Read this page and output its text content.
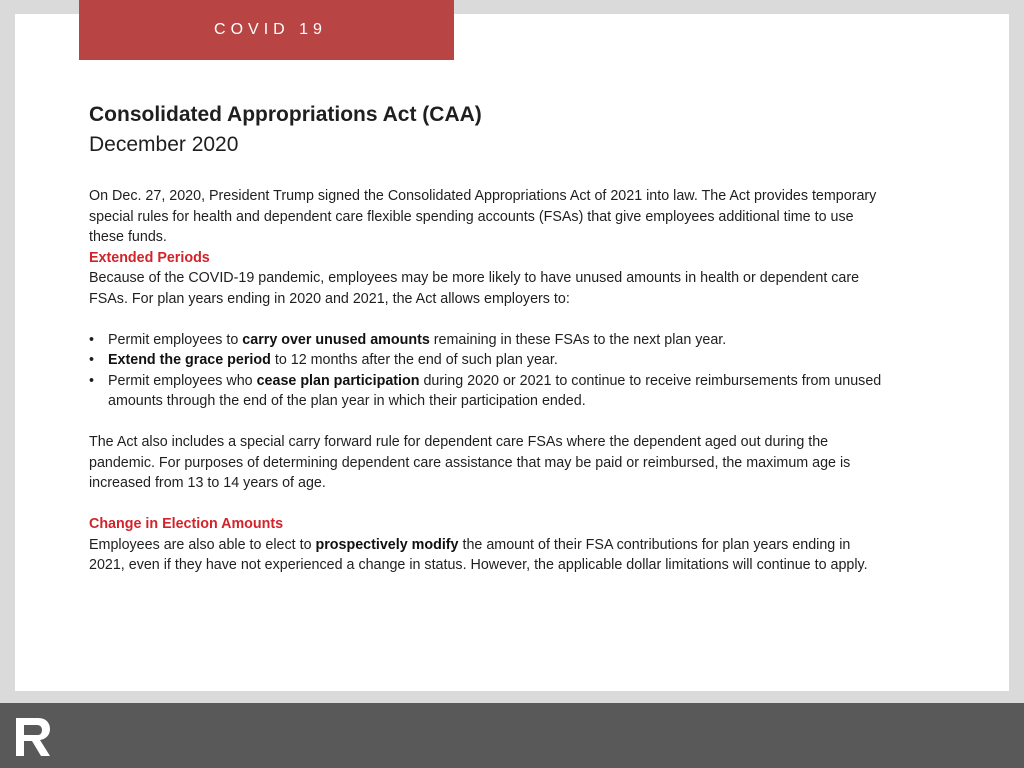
COVID 19
Consolidated Appropriations Act (CAA)

December 2020

On Dec. 27, 2020, President Trump signed the Consolidated Appropriations Act of 2021 into law. The Act provides temporary special rules for health and dependent care flexible spending accounts (FSAs) that give employees additional time to use these funds.

Extended Periods

Because of the COVID-19 pandemic, employees may be more likely to have unused amounts in health or dependent care FSAs. For plan years ending in 2020 and 2021, the Act allows employers to:

• Permit employees to carry over unused amounts remaining in these FSAs to the next plan year.
• Extend the grace period to 12 months after the end of such plan year.
• Permit employees who cease plan participation during 2020 or 2021 to continue to receive reimbursements from unused amounts through the end of the plan year in which their participation ended.

The Act also includes a special carry forward rule for dependent care FSAs where the dependent aged out during the pandemic. For purposes of determining dependent care assistance that may be paid or reimbursed, the maximum age is increased from 13 to 14 years of age.

Change in Election Amounts

Employees are also able to elect to prospectively modify the amount of their FSA contributions for plan years ending in 2021, even if they have not experienced a change in status. However, the applicable dollar limitations will continue to apply.
